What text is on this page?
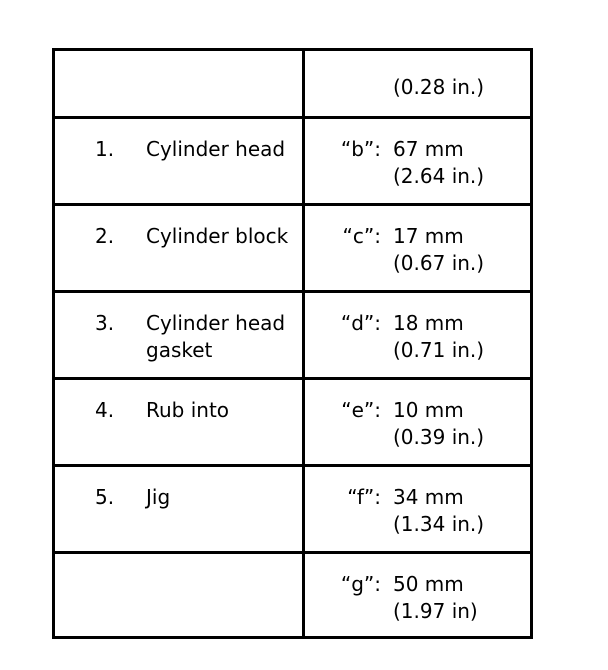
	(0.28 in.)

1. Cylinder head	“b”: 67 mm
(2.64 in.)

2. Cylinder block	“c”: 17 mm
(0.67 in.)

3. Cylinder head gasket	“d”: 18 mm
(0.71 in.)

4. Rub into	“e”: 10 mm
(0.39 in.)

5. Jig	“f”: 34 mm
(1.34 in.)

	“g”: 50 mm
(1.97 in)
